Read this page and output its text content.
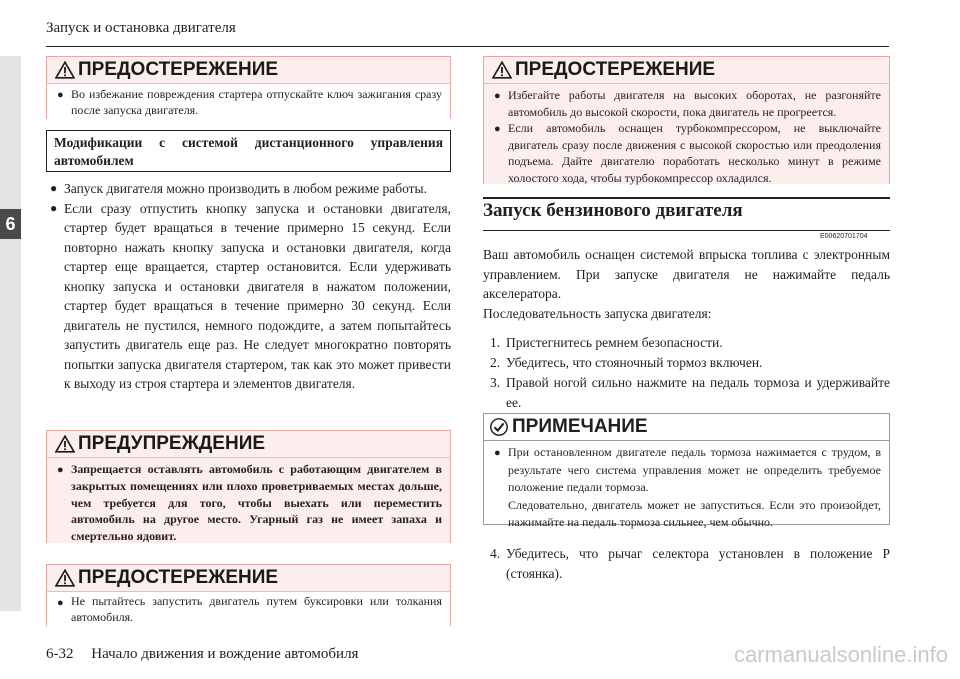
6
Запуск и остановка двигателя
ПРЕДОСТЕРЕЖЕНИЕ
● Во избежание повреждения стартера отпускайте ключ зажигания сразу после запуска двигателя.
Модификации с системой дистанционного управления автомобилем
● Запуск двигателя можно производить в любом режиме работы.
● Если сразу отпустить кнопку запуска и остановки двигателя, стартер будет вращаться в течение примерно 15 секунд. Если повторно нажать кнопку запуска и остановки двигателя, когда стартер еще вращается, стартер остановится. Если удерживать кнопку запуска и остановки двигателя в нажатом положении, стартер будет вращаться в течение примерно 30 секунд. Если двигатель не пустился, немного подождите, а затем попытайтесь запустить двигатель еще раз. Не следует многократно повторять попытки запуска двигателя стартером, так как это может привести к выходу из строя стартера и элементов двигателя.
ПРЕДУПРЕЖДЕНИЕ
● Запрещается оставлять автомобиль с работающим двигателем в закрытых помещениях или плохо проветриваемых местах дольше, чем требуется для того, чтобы выехать или переместить автомобиль на другое место. Угарный газ не имеет запаха и смертельно ядовит.
ПРЕДОСТЕРЕЖЕНИЕ
● Не пытайтесь запустить двигатель путем буксировки или толкания автомобиля.
ПРЕДОСТЕРЕЖЕНИЕ
● Избегайте работы двигателя на высоких оборотах, не разгоняйте автомобиль до высокой скорости, пока двигатель не прогреется.
● Если автомобиль оснащен турбокомпрессором, не выключайте двигатель сразу после движения с высокой скоростью или преодоления подъема. Дайте двигателю поработать несколько минут в режиме холостого хода, чтобы турбокомпрессор охладился.
Запуск бензинового двигателя
E00620701704
Ваш автомобиль оснащен системой впрыска топлива с электронным управлением. При запуске двигателя не нажимайте педаль акселератора.
Последовательность запуска двигателя:
1. Пристегнитесь ремнем безопасности.
2. Убедитесь, что стояночный тормоз включен.
3. Правой ногой сильно нажмите на педаль тормоза и удерживайте ее.
ПРИМЕЧАНИЕ
● При остановленном двигателе педаль тормоза нажимается с трудом, в результате чего система управления может не определить требуемое положение педали тормоза.
Следовательно, двигатель может не запуститься. Если это произойдет, нажимайте на педаль тормоза сильнее, чем обычно.
4. Убедитесь, что рычаг селектора установлен в положение P (стоянка).
6-32 Начало движения и вождение автомобиля	carmanualsonline.info
